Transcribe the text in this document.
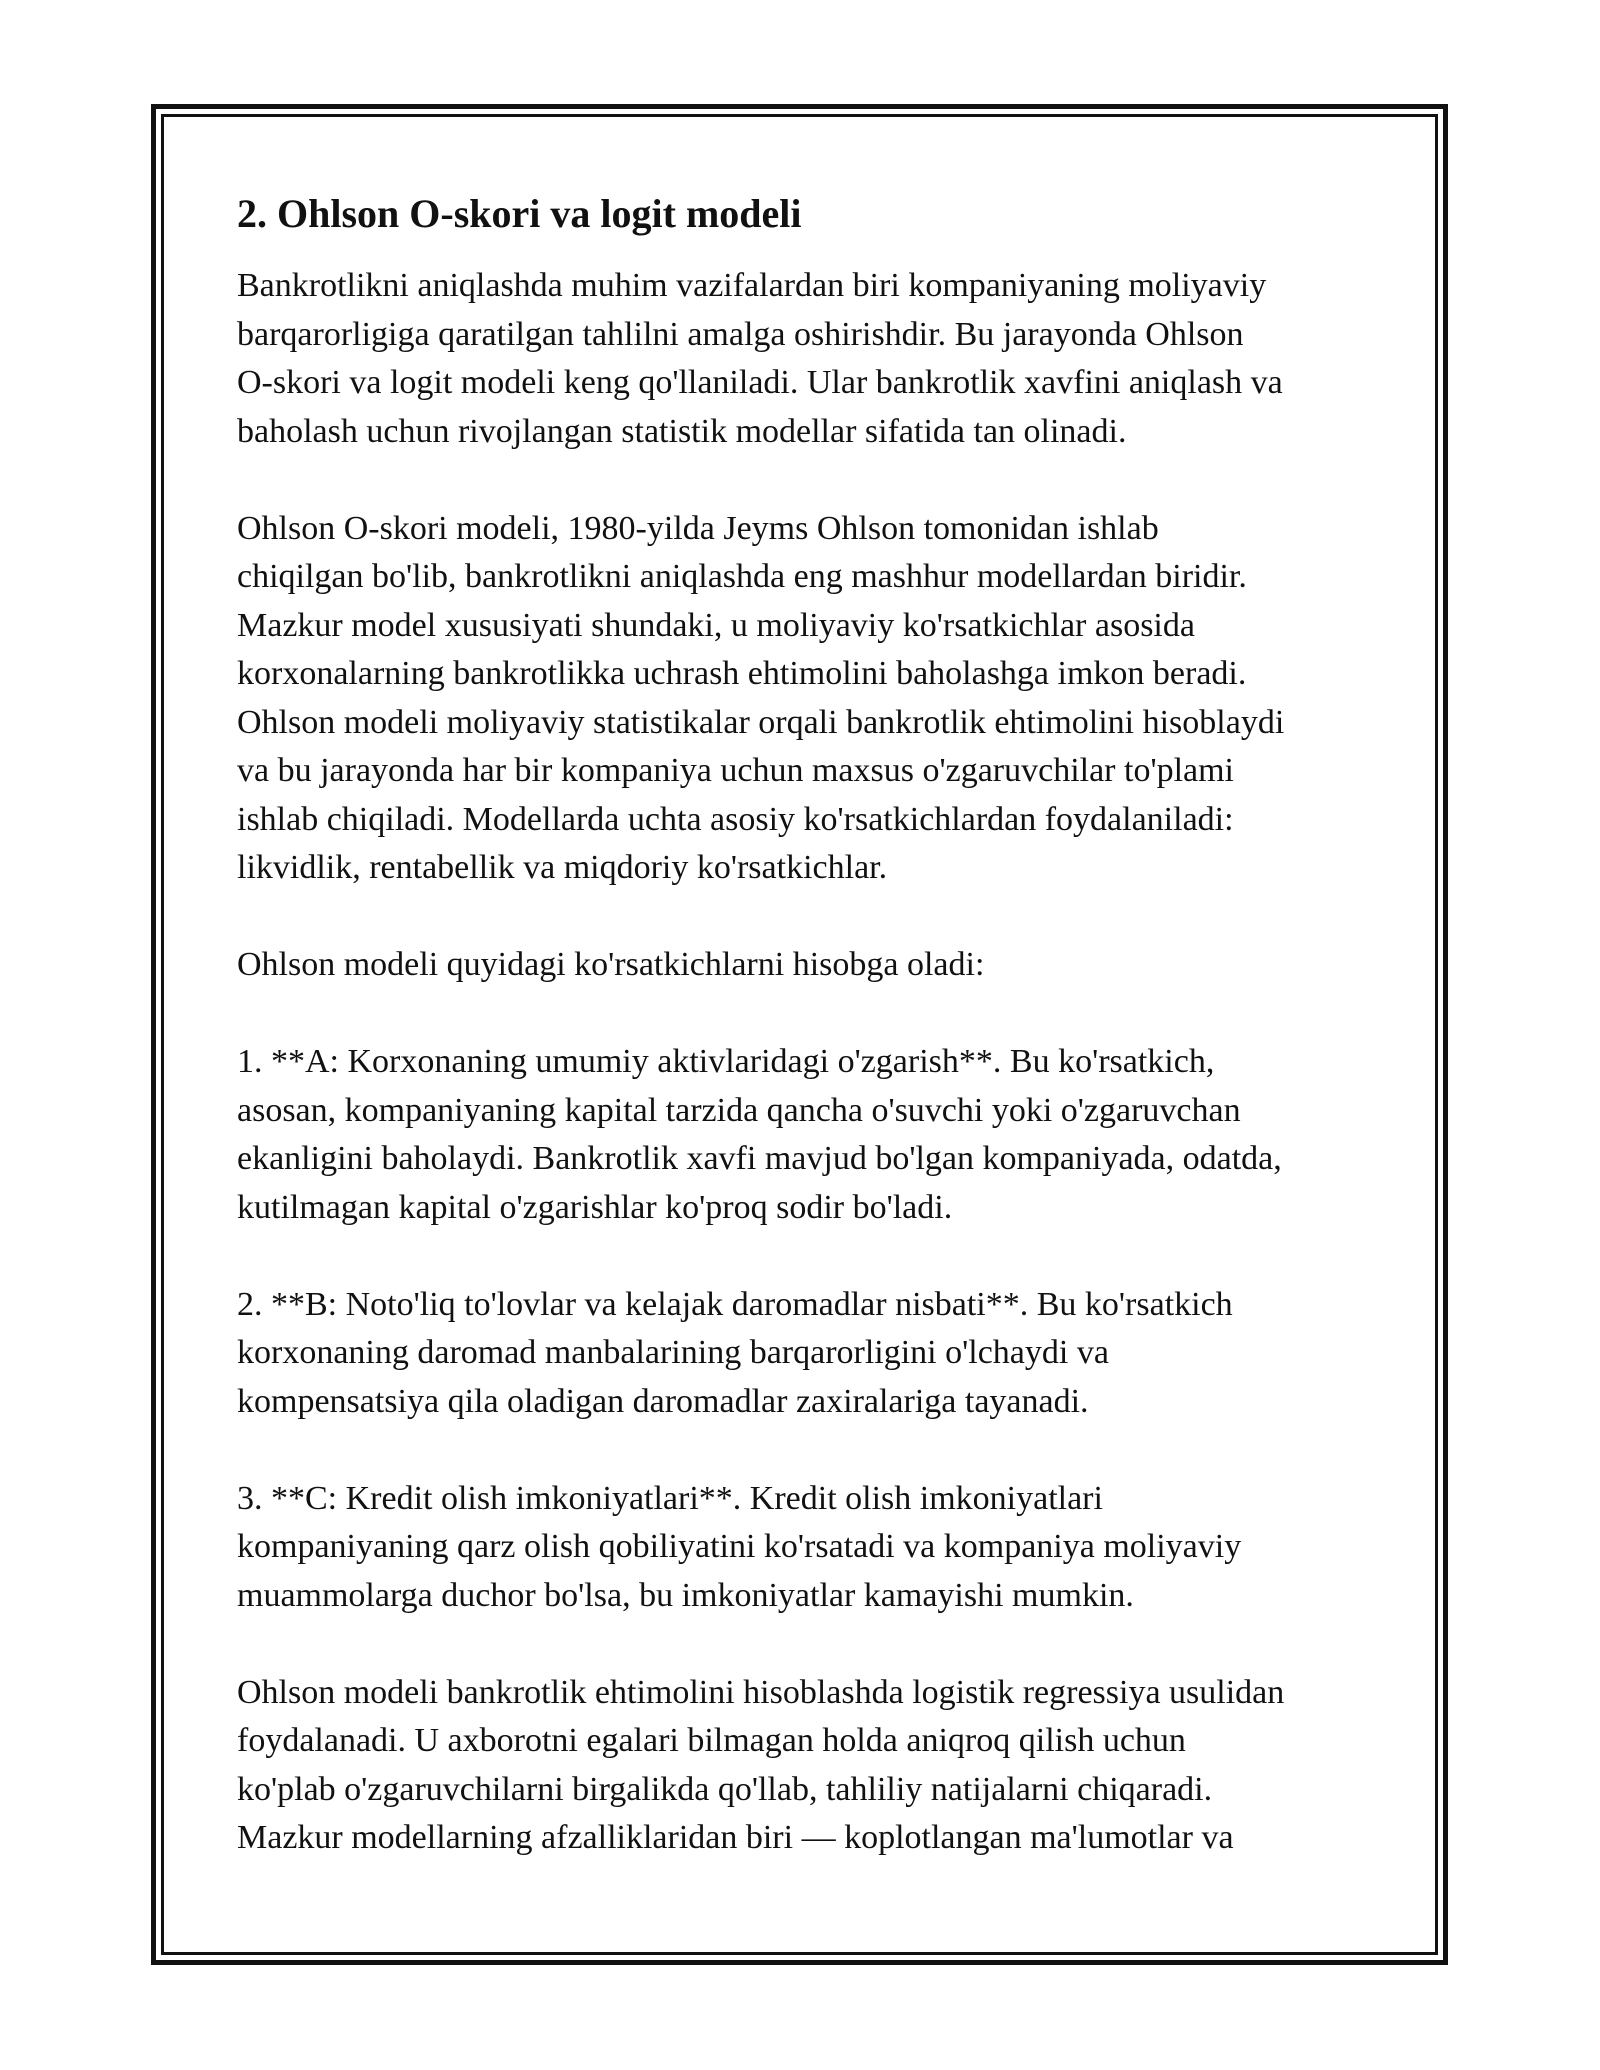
2. Ohlson O-skori va logit modeli

Bankrotlikni aniqlashda muhim vazifalardan biri kompaniyaning moliyaviy
barqarorligiga qaratilgan tahlilni amalga oshirishdir. Bu jarayonda Ohlson
O-skori va logit modeli keng qo'llaniladi. Ular bankrotlik xavfini aniqlash va
baholash uchun rivojlangan statistik modellar sifatida tan olinadi.

Ohlson O-skori modeli, 1980-yilda Jeyms Ohlson tomonidan ishlab
chiqilgan bo'lib, bankrotlikni aniqlashda eng mashhur modellardan biridir.
Mazkur model xususiyati shundaki, u moliyaviy ko'rsatkichlar asosida
korxonalarning bankrotlikka uchrash ehtimolini baholashga imkon beradi.
Ohlson modeli moliyaviy statistikalar orqali bankrotlik ehtimolini hisoblaydi
va bu jarayonda har bir kompaniya uchun maxsus o'zgaruvchilar to'plami
ishlab chiqiladi. Modellarda uchta asosiy ko'rsatkichlardan foydalaniladi:
likvidlik, rentabellik va miqdoriy ko'rsatkichlar.

Ohlson modeli quyidagi ko'rsatkichlarni hisobga oladi:

1. **A: Korxonaning umumiy aktivlaridagi o'zgarish**. Bu ko'rsatkich,
asosan, kompaniyaning kapital tarzida qancha o'suvchi yoki o'zgaruvchan
ekanligini baholaydi. Bankrotlik xavfi mavjud bo'lgan kompaniyada, odatda,
kutilmagan kapital o'zgarishlar ko'proq sodir bo'ladi.

2. **B: Noto'liq to'lovlar va kelajak daromadlar nisbati**. Bu ko'rsatkich
korxonaning daromad manbalarining barqarorligini o'lchaydi va
kompensatsiya qila oladigan daromadlar zaxiralariga tayanadi.

3. **C: Kredit olish imkoniyatlari**. Kredit olish imkoniyatlari
kompaniyaning qarz olish qobiliyatini ko'rsatadi va kompaniya moliyaviy
muammolarga duchor bo'lsa, bu imkoniyatlar kamayishi mumkin.

Ohlson modeli bankrotlik ehtimolini hisoblashda logistik regressiya usulidan
foydalanadi. U axborotni egalari bilmagan holda aniqroq qilish uchun
ko'plab o'zgaruvchilarni birgalikda qo'llab, tahliliy natijalarni chiqaradi.
Mazkur modellarning afzalliklaridan biri — koplotlangan ma'lumotlar va
